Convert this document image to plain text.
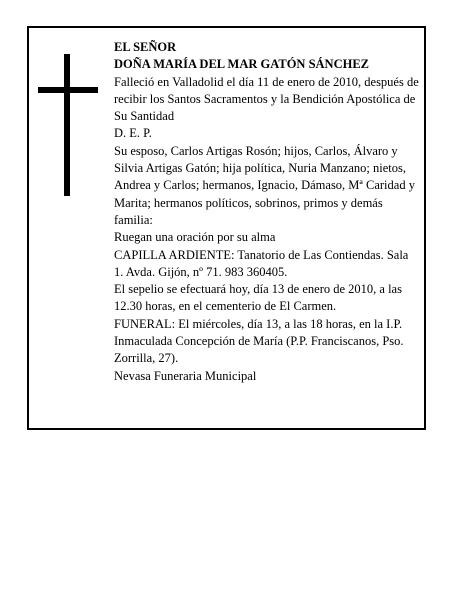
EL SEÑOR

DOÑA MARÍA DEL MAR GATÓN SÁNCHEZ

Falleció en Valladolid el día 11 de enero de 2010, después de recibir los Santos Sacramentos y la Bendición Apostólica de Su Santidad

D. E. P.

Su esposo, Carlos Artigas Rosón; hijos, Carlos, Álvaro y Silvia Artigas Gatón; hija política, Nuria Manzano; nietos, Andrea y Carlos; hermanos, Ignacio, Dámaso, Mª Caridad y Marita; hermanos políticos, sobrinos, primos y demás familia:

Ruegan una oración por su alma

CAPILLA ARDIENTE: Tanatorio de Las Contiendas. Sala 1. Avda. Gijón, nº 71. 983 360405.

El sepelio se efectuará hoy, día 13 de enero de 2010, a las 12.30 horas, en el cementerio de El Carmen.

FUNERAL: El miércoles, día 13, a las 18 horas, en la I.P. Inmaculada Concepción de María (P.P. Franciscanos, Pso. Zorrilla, 27).

Nevasa Funeraria Municipal
